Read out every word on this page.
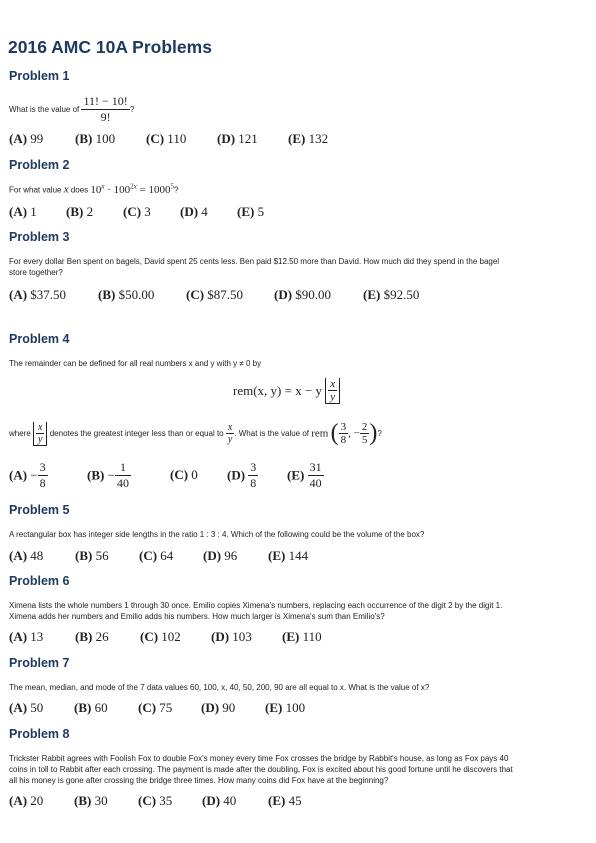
2016 AMC 10A Problems
Problem 1
What is the value of $\frac{11! - 10!}{9!}$ ?
(A) 99 (B) 100 (C) 110 (D) 121 (E) 132
Problem 2
For what value x does $10^x \cdot 100^{2x} = 1000^5$?
(A) 1 (B) 2 (C) 3 (D) 4 (E) 5
Problem 3
For every dollar Ben spent on bagels, David spent 25 cents less. Ben paid $12.50 more than David. How much did they spend in the bagel
store together?
(A) $37.50 (B) $50.00 (C) $87.50 (D) $90.00 (E) $92.50
Problem 4
The remainder can be defined for all real numbers x and y with y ≠ 0 by
rem(x, y) = x − y $\frac{x}{y}$
where $\frac{x}{y}$ denotes the greatest integer less than or equal to $\frac{x}{y}$ . What is the value of rem ( $\frac{3}{8}$ , − $\frac{2}{5}$ )?
$(A) - \frac{3}{8}$	$(B) - \frac{1}{40}$	(C) 0 $(D) \frac{3}{8} (E) \frac{31}{40}$
Problem 5
A rectangular box has integer side lengths in the ratio 1 : 3 : 4. Which of the following could be the volume of the box?
(A) 48 (B) 56 (C) 64 (D) 96 (E) 144
Problem 6
Ximena lists the whole numbers 1 through 30 once. Emilio copies Ximena's numbers, replacing each occurrence of the digit 2 by the digit 1.
Ximena adds her numbers and Emilio adds his numbers. How much larger is Ximena's sum than Emilio's?
(A) 13 (B) 26 (C) 102 (D) 103 (E) 110
Problem 7
The mean, median, and mode of the 7 data values 60, 100, x, 40, 50, 200, 90 are all equal to x. What is the value of x?
(A) 50 (B) 60 (C) 75 (D) 90 (E) 100
Problem 8
Trickster Rabbit agrees with Foolish Fox to double Fox's money every time Fox crosses the bridge by Rabbit's house, as long as Fox pays 40
coins in toll to Rabbit after each crossing. The payment is made after the doubling, Fox is excited about his good fortune until he discovers that
all his money is gone after crossing the bridge three times. How many coins did Fox have at the beginning?
(A) 20 (B) 30 (C) 35 (D) 40 (E) 45
